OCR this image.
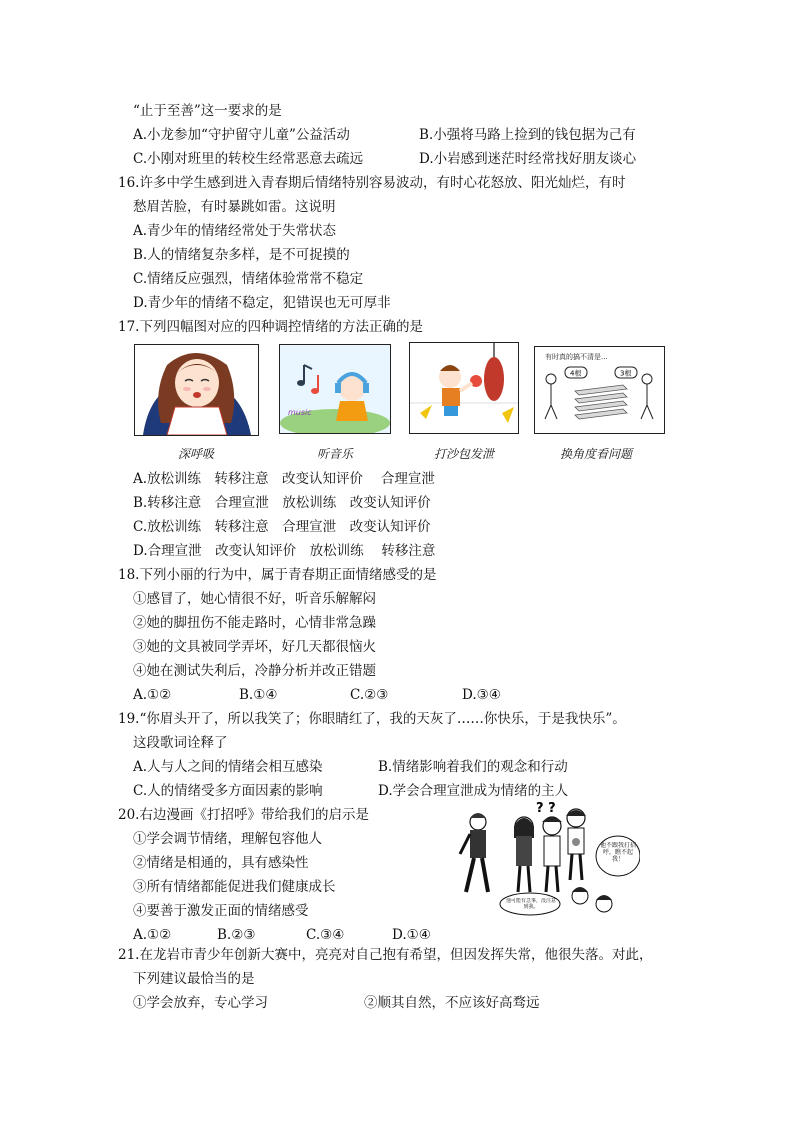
“止于至善”这一要求的是
A.小龙参加“守护留守儿童”公益活动	B.小强将马路上捡到的钱包据为己有
C.小刚对班里的转校生经常恶意去疏远	D.小岩感到迷茫时经常找好朋友谈心
16.许多中学生感到进入青春期后情绪特别容易波动，有时心花怒放、阳光灿烂，有时
愁眉苦脸，有时暴跳如雷。这说明
A.青少年的情绪经常处于失常状态
B.人的情绪复杂多样，是不可捉摸的
C.情绪反应强烈，情绪体验常常不稳定
D.青少年的情绪不稳定，犯错误也无可厚非
17.下列四幅图对应的四种调控情绪的方法正确的是
music
有时真的搞不清是...
4根	3根
深呼吸	听音乐	打沙包发泄	换角度看问题
A.放松训练　转移注意　改变认知评价　 合理宣泄
B.转移注意　合理宣泄　放松训练　改变认知评价
C.放松训练　转移注意　合理宣泄　改变认知评价
D.合理宣泄　改变认知评价　放松训练　 转移注意
18.下列小丽的行为中，属于青春期正面情绪感受的是
①感冒了，她心情很不好，听音乐解解闷
②她的脚扭伤不能走路时，心情非常急躁
③她的文具被同学弄坏，好几天都很恼火
④她在测试失利后，冷静分析并改正错题
A.①②	B.①④	C.②③	D.③④
19.“你眉头开了，所以我笑了；你眼睛红了，我的天灰了……你快乐，于是我快乐”。
这段歌词诠释了
A.人与人之间的情绪会相互感染	B.情绪影响着我们的观念和行动
C.人的情绪受多方面因素的影响	D.学会合理宣泄成为情绪的主人
20.右边漫画《打招呼》带给我们的启示是
①学会调节情绪，理解包容他人
②情绪是相通的，具有感染性
③所有情绪都能促进我们健康成长
④要善于激发正面的情绪感受
A.①②	B.②③	C.③④	D.①④
? ?
他不跟我打招呼，瞧不起我！
他可能有急事，没注意到我。
21.在龙岩市青少年创新大赛中，亮亮对自己抱有希望，但因发挥失常，他很失落。对此，
下列建议最恰当的是
①学会放弃，专心学习	②顺其自然，不应该好高骛远
